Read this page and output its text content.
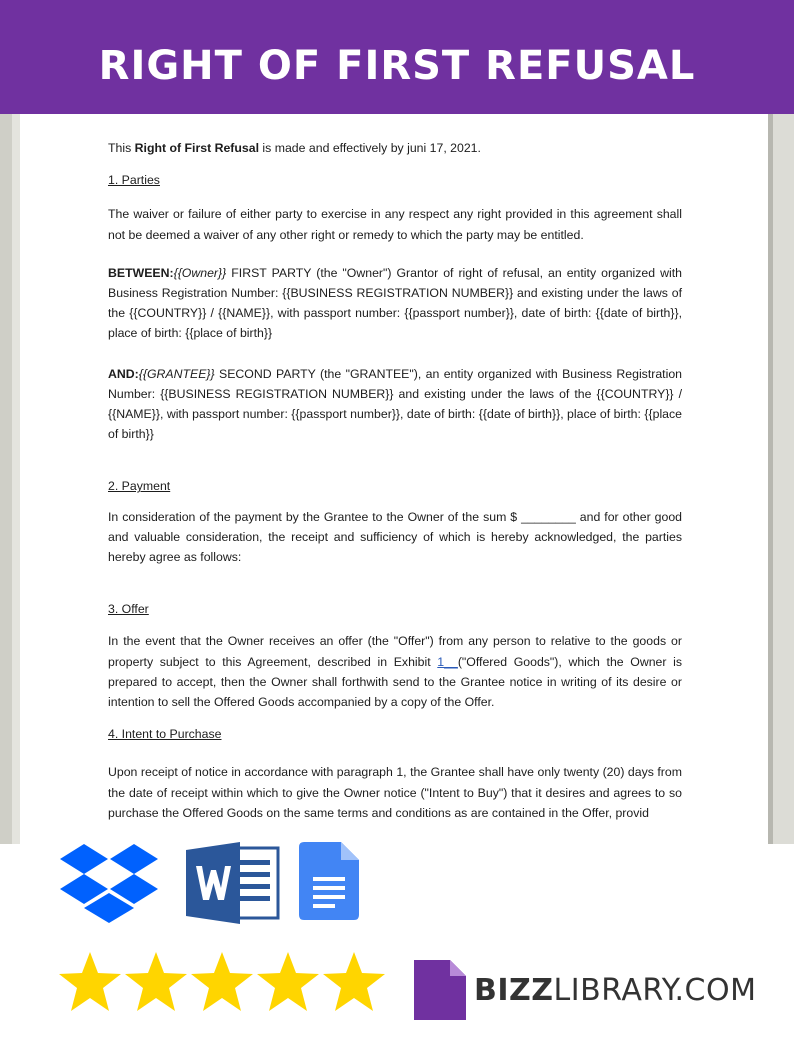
RIGHT OF FIRST REFUSAL

This Right of First Refusal is made and effectively by juni 17, 2021.

1. Parties

The waiver or failure of either party to exercise in any respect any right provided in this agreement shall not be deemed a waiver of any other right or remedy to which the party may be entitled.

BETWEEN:{{Owner}} FIRST PARTY (the "Owner") Grantor of right of refusal, an entity organized with Business Registration Number: {{BUSINESS REGISTRATION NUMBER}} and existing under the laws of the {{COUNTRY}} / {{NAME}}, with passport number: {{passport number}}, date of birth: {{date of birth}}, place of birth: {{place of birth}}

AND:{{GRANTEE}} SECOND PARTY (the "GRANTEE"), an entity organized with Business Registration Number: {{BUSINESS REGISTRATION NUMBER}} and existing under the laws of the {{COUNTRY}} / {{NAME}}, with passport number: {{passport number}}, date of birth: {{date of birth}}, place of birth: {{place of birth}}

2. Payment

In consideration of the payment by the Grantee to the Owner of the sum $ ________ and for other good and valuable consideration, the receipt and sufficiency of which is hereby acknowledged, the parties hereby agree as follows:

3. Offer

In the event that the Owner receives an offer (the "Offer") from any person to relative to the goods or property subject to this Agreement, described in Exhibit 1__("Offered Goods"), which the Owner is prepared to accept, then the Owner shall forthwith send to the Grantee notice in writing of its desire or intention to sell the Offered Goods accompanied by a copy of the Offer.

4. Intent to Purchase

Upon receipt of notice in accordance with paragraph 1, the Grantee shall have only twenty (20) days from the date of receipt within which to give the Owner notice ("Intent to Buy") that it desires and agrees to so purchase the Offered Goods on the same terms and conditions as are contained in the Offer, provid

BIZZLIBRARY.COM
